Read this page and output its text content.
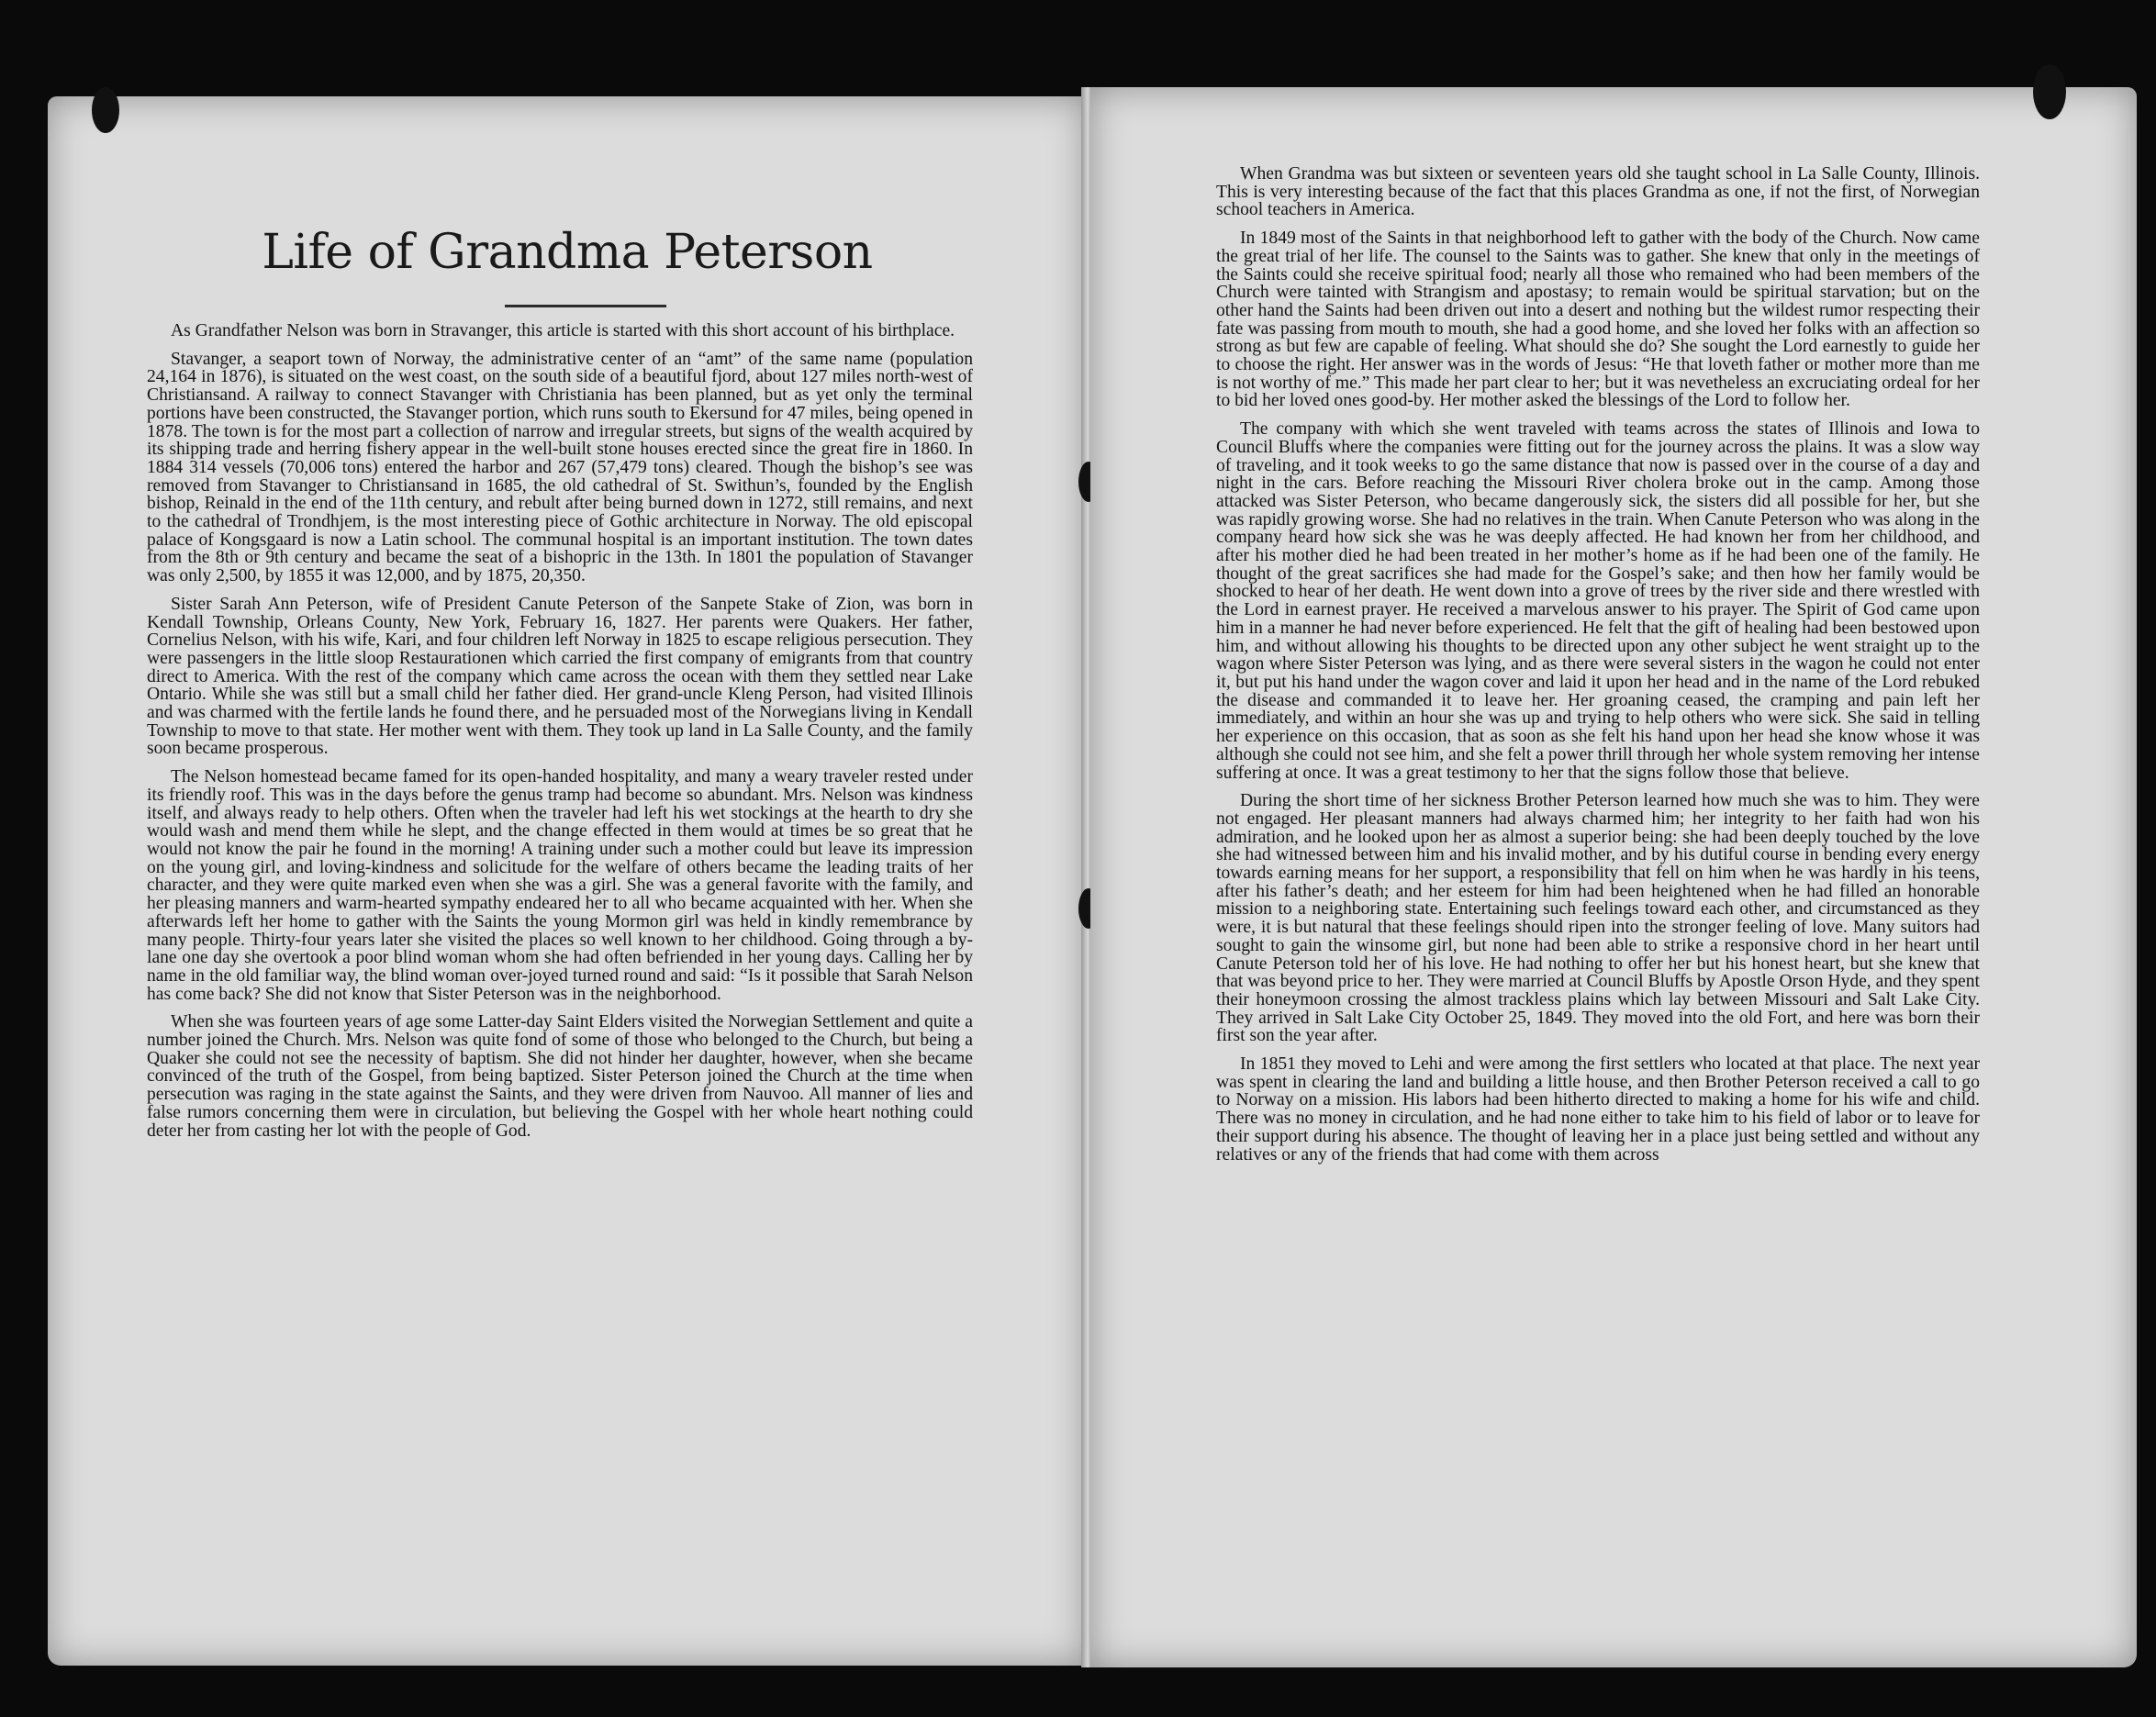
Life of Grandma Peterson

As Grandfather Nelson was born in Stravanger, this article is started with this short account of his birthplace.

Stavanger, a seaport town of Norway, the administrative center of an “amt” of the same name (population 24,164 in 1876), is situated on the west coast, on the south side of a beautiful fjord, about 127 miles north-west of Christiansand. A railway to connect Stavanger with Christiania has been planned, but as yet only the terminal portions have been constructed, the Stavanger portion, which runs south to Ekersund for 47 miles, being opened in 1878. The town is for the most part a collection of narrow and irregular streets, but signs of the wealth acquired by its shipping trade and herring fishery appear in the well-built stone houses erected since the great fire in 1860. In 1884 314 vessels (70,006 tons) entered the harbor and 267 (57,479 tons) cleared. Though the bishop’s see was removed from Stavanger to Christiansand in 1685, the old cathedral of St. Swithun’s, founded by the English bishop, Reinald in the end of the 11th century, and rebult after being burned down in 1272, still remains, and next to the cathedral of Trondhjem, is the most interesting piece of Gothic architecture in Norway. The old episcopal palace of Kongsgaard is now a Latin school. The communal hospital is an important institution. The town dates from the 8th or 9th century and became the seat of a bishopric in the 13th. In 1801 the population of Stavanger was only 2,500, by 1855 it was 12,000, and by 1875, 20,350.

Sister Sarah Ann Peterson, wife of President Canute Peterson of the Sanpete Stake of Zion, was born in Kendall Township, Orleans County, New York, February 16, 1827. Her parents were Quakers. Her father, Cornelius Nelson, with his wife, Kari, and four children left Norway in 1825 to escape religious persecution. They were passengers in the little sloop Restaurationen which carried the first company of emigrants from that country direct to America. With the rest of the company which came across the ocean with them they settled near Lake Ontario. While she was still but a small child her father died. Her grand-uncle Kleng Person, had visited Illinois and was charmed with the fertile lands he found there, and he persuaded most of the Norwegians living in Kendall Township to move to that state. Her mother went with them. They took up land in La Salle County, and the family soon became prosperous.

The Nelson homestead became famed for its open-handed hospitality, and many a weary traveler rested under its friendly roof. This was in the days before the genus tramp had become so abundant. Mrs. Nelson was kindness itself, and always ready to help others. Often when the traveler had left his wet stockings at the hearth to dry she would wash and mend them while he slept, and the change effected in them would at times be so great that he would not know the pair he found in the morning! A training under such a mother could but leave its impression on the young girl, and loving-kindness and solicitude for the welfare of others became the leading traits of her character, and they were quite marked even when she was a girl. She was a general favorite with the family, and her pleasing manners and warm-hearted sympathy endeared her to all who became acquainted with her. When she afterwards left her home to gather with the Saints the young Mormon girl was held in kindly remembrance by many people. Thirty-four years later she visited the places so well known to her childhood. Going through a by-lane one day she overtook a poor blind woman whom she had often befriended in her young days. Calling her by name in the old familiar way, the blind woman over-joyed turned round and said: “Is it possible that Sarah Nelson has come back? She did not know that Sister Peterson was in the neighborhood.

When she was fourteen years of age some Latter-day Saint Elders visited the Norwegian Settlement and quite a number joined the Church. Mrs. Nelson was quite fond of some of those who belonged to the Church, but being a Quaker she could not see the necessity of baptism. She did not hinder her daughter, however, when she became convinced of the truth of the Gospel, from being baptized. Sister Peterson joined the Church at the time when persecution was raging in the state against the Saints, and they were driven from Nauvoo. All manner of lies and false rumors concerning them were in circulation, but believing the Gospel with her whole heart nothing could deter her from casting her lot with the people of God.

When Grandma was but sixteen or seventeen years old she taught school in La Salle County, Illinois. This is very interesting because of the fact that this places Grandma as one, if not the first, of Norwegian school teachers in America.

In 1849 most of the Saints in that neighborhood left to gather with the body of the Church. Now came the great trial of her life. The counsel to the Saints was to gather. She knew that only in the meetings of the Saints could she receive spiritual food; nearly all those who remained who had been members of the Church were tainted with Strangism and apostasy; to remain would be spiritual starvation; but on the other hand the Saints had been driven out into a desert and nothing but the wildest rumor respecting their fate was passing from mouth to mouth, she had a good home, and she loved her folks with an affection so strong as but few are capable of feeling. What should she do? She sought the Lord earnestly to guide her to choose the right. Her answer was in the words of Jesus: “He that loveth father or mother more than me is not worthy of me.” This made her part clear to her; but it was nevetheless an excruciating ordeal for her to bid her loved ones good-by. Her mother asked the blessings of the Lord to follow her.

The company with which she went traveled with teams across the states of Illinois and Iowa to Council Bluffs where the companies were fitting out for the journey across the plains. It was a slow way of traveling, and it took weeks to go the same distance that now is passed over in the course of a day and night in the cars. Before reaching the Missouri River cholera broke out in the camp. Among those attacked was Sister Peterson, who became dangerously sick, the sisters did all possible for her, but she was rapidly growing worse. She had no relatives in the train. When Canute Peterson who was along in the company heard how sick she was he was deeply affected. He had known her from her childhood, and after his mother died he had been treated in her mother’s home as if he had been one of the family. He thought of the great sacrifices she had made for the Gospel’s sake; and then how her family would be shocked to hear of her death. He went down into a grove of trees by the river side and there wrestled with the Lord in earnest prayer. He received a marvelous answer to his prayer. The Spirit of God came upon him in a manner he had never before experienced. He felt that the gift of healing had been bestowed upon him, and without allowing his thoughts to be directed upon any other subject he went straight up to the wagon where Sister Peterson was lying, and as there were several sisters in the wagon he could not enter it, but put his hand under the wagon cover and laid it upon her head and in the name of the Lord rebuked the disease and commanded it to leave her. Her groaning ceased, the cramping and pain left her immediately, and within an hour she was up and trying to help others who were sick. She said in telling her experience on this occasion, that as soon as she felt his hand upon her head she know whose it was although she could not see him, and she felt a power thrill through her whole system removing her intense suffering at once. It was a great testimony to her that the signs follow those that believe.

During the short time of her sickness Brother Peterson learned how much she was to him. They were not engaged. Her pleasant manners had always charmed him; her integrity to her faith had won his admiration, and he looked upon her as almost a superior being: she had been deeply touched by the love she had witnessed between him and his invalid mother, and by his dutiful course in bending every energy towards earning means for her support, a responsibility that fell on him when he was hardly in his teens, after his father’s death; and her esteem for him had been heightened when he had filled an honorable mission to a neighboring state. Entertaining such feelings toward each other, and circumstanced as they were, it is but natural that these feelings should ripen into the stronger feeling of love. Many suitors had sought to gain the winsome girl, but none had been able to strike a responsive chord in her heart until Canute Peterson told her of his love. He had nothing to offer her but his honest heart, but she knew that that was beyond price to her. They were married at Council Bluffs by Apostle Orson Hyde, and they spent their honeymoon crossing the almost trackless plains which lay between Missouri and Salt Lake City. They arrived in Salt Lake City October 25, 1849. They moved into the old Fort, and here was born their first son the year after.

In 1851 they moved to Lehi and were among the first settlers who located at that place. The next year was spent in clearing the land and building a little house, and then Brother Peterson received a call to go to Norway on a mission. His labors had been hitherto directed to making a home for his wife and child. There was no money in circulation, and he had none either to take him to his field of labor or to leave for their support during his absence. The thought of leaving her in a place just being settled and without any relatives or any of the friends that had come with them across
